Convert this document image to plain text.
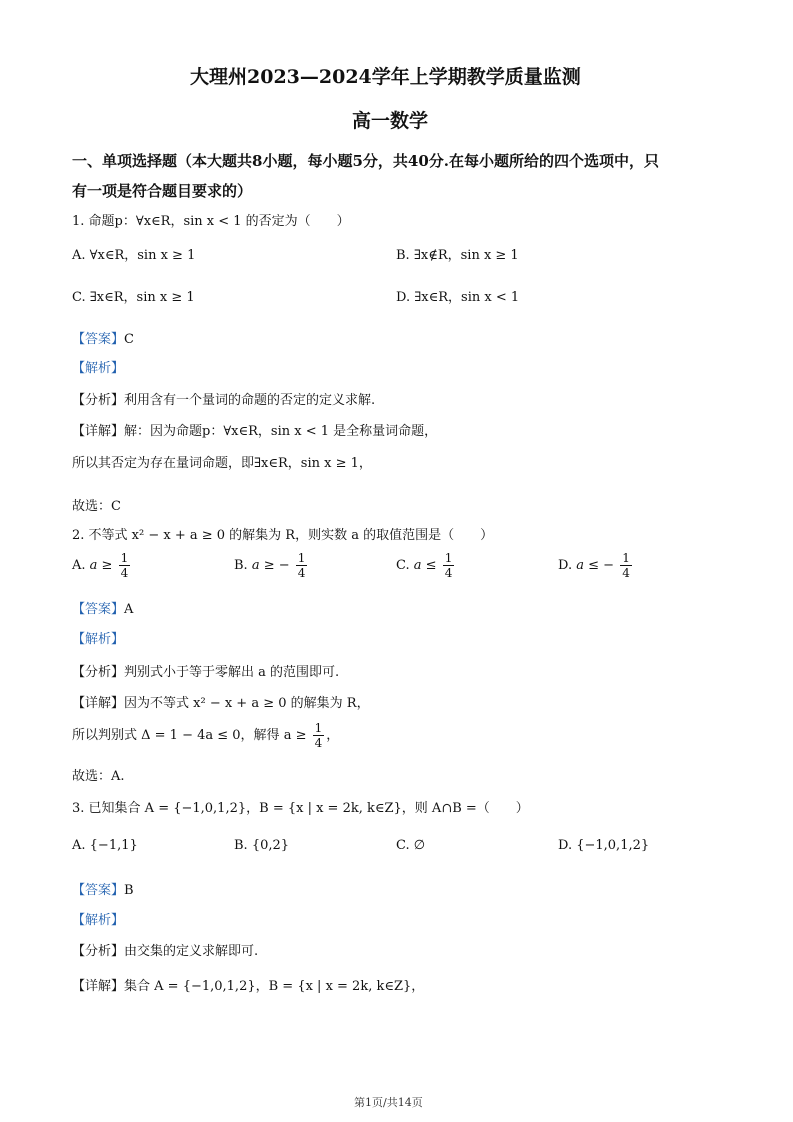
大理州2023—2024学年上学期教学质量监测
高一数学
一、单项选择题（本大题共8小题，每小题5分，共40分.在每小题所给的四个选项中，只
有一项是符合题目要求的）
1. 命题p：∀x∈R，sin x < 1 的否定为（　　）
A. ∀x∈R，sin x ≥ 1	B. ∃x∉R，sin x ≥ 1
C. ∃x∈R，sin x ≥ 1	D. ∃x∈R，sin x < 1
【答案】C
【解析】
【分析】利用含有一个量词的命题的否定的定义求解.
【详解】解：因为命题p：∀x∈R，sin x < 1 是全称量词命题，
所以其否定为存在量词命题，即∃x∈R，sin x ≥ 1，
故选：C
2. 不等式 x² − x + a ≥ 0 的解集为 R，则实数 a 的取值范围是（　　）
A. $a \ge \frac{1}{4}$	B. a ≥ − $\frac{1}{4}$	C. $a \le \frac{1}{4}$	D. a ≤ − $\frac{1}{4}$
【答案】A
【解析】
【分析】判别式小于等于零解出 a 的范围即可.
【详解】因为不等式 x² − x + a ≥ 0 的解集为 R，
所以判别式 Δ = 1 − 4a ≤ 0，解得 $a \ge \frac{1}{4}$ ，
故选：A.
3. 已知集合 A = {−1,0,1,2}，B = {x | x = 2k, k∈Z}，则 A∩B =（　　）
A. {−1,1}	B. {0,2}	C. ∅	D. {−1,0,1,2}
【答案】B
【解析】
【分析】由交集的定义求解即可.
【详解】集合 A = {−1,0,1,2}，B = {x | x = 2k, k∈Z}，
第1页/共14页
